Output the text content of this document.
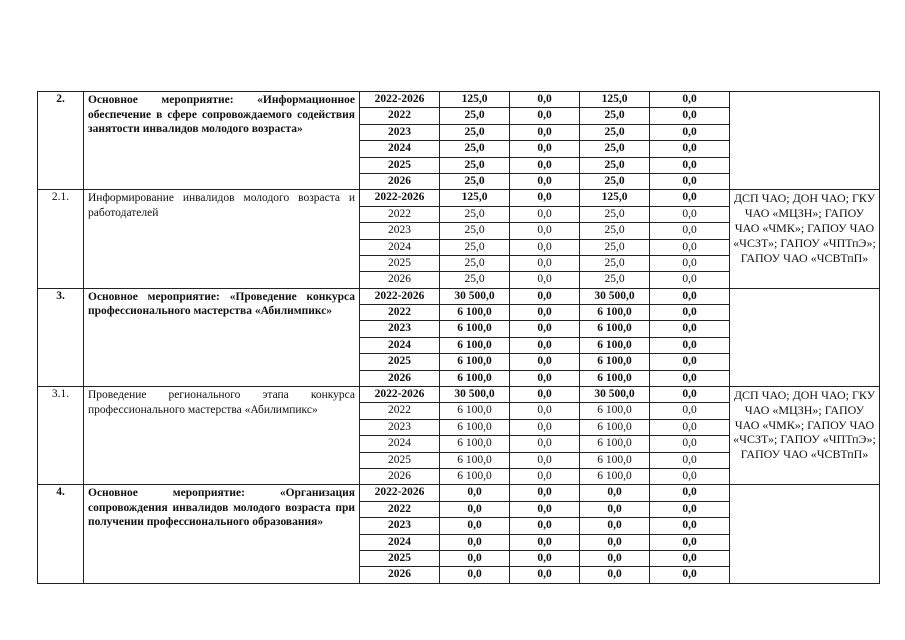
2.	Основное мероприятие: «Информационное обеспечение в сфере сопровождаемого содействия занятости инвалидов молодого возраста»	2022-2026	125,0	0,0	125,0	0,0	
		2022	25,0	0,0	25,0	0,0	
		2023	25,0	0,0	25,0	0,0	
		2024	25,0	0,0	25,0	0,0	
		2025	25,0	0,0	25,0	0,0	
		2026	25,0	0,0	25,0	0,0	
2.1.	Информирование инвалидов молодого возраста и работодателей	2022-2026	125,0	0,0	125,0	0,0	ДСП ЧАО; ДОН ЧАО; ГКУ ЧАО «МЦЗН»; ГАПОУ ЧАО «ЧМК»; ГАПОУ ЧАО «ЧСЗТ»; ГАПОУ «ЧПТпЭ»; ГАПОУ ЧАО «ЧСВТпП»
		2022	25,0	0,0	25,0	0,0	
		2023	25,0	0,0	25,0	0,0	
		2024	25,0	0,0	25,0	0,0	
		2025	25,0	0,0	25,0	0,0	
		2026	25,0	0,0	25,0	0,0	
3.	Основное мероприятие: «Проведение конкурса профессионального мастерства «Абилимпикс»	2022-2026	30 500,0	0,0	30 500,0	0,0	
		2022	6 100,0	0,0	6 100,0	0,0	
		2023	6 100,0	0,0	6 100,0	0,0	
		2024	6 100,0	0,0	6 100,0	0,0	
		2025	6 100,0	0,0	6 100,0	0,0	
		2026	6 100,0	0,0	6 100,0	0,0	
3.1.	Проведение регионального этапа конкурса профессионального мастерства «Абилимпикс»	2022-2026	30 500,0	0,0	30 500,0	0,0	ДСП ЧАО; ДОН ЧАО; ГКУ ЧАО «МЦЗН»; ГАПОУ ЧАО «ЧМК»; ГАПОУ ЧАО «ЧСЗТ»; ГАПОУ «ЧПТпЭ»; ГАПОУ ЧАО «ЧСВТпП»
		2022	6 100,0	0,0	6 100,0	0,0	
		2023	6 100,0	0,0	6 100,0	0,0	
		2024	6 100,0	0,0	6 100,0	0,0	
		2025	6 100,0	0,0	6 100,0	0,0	
		2026	6 100,0	0,0	6 100,0	0,0	
4.	Основное мероприятие: «Организация сопровождения инвалидов молодого возраста при получении профессионального образования»	2022-2026	0,0	0,0	0,0	0,0	
		2022	0,0	0,0	0,0	0,0	
		2023	0,0	0,0	0,0	0,0	
		2024	0,0	0,0	0,0	0,0	
		2025	0,0	0,0	0,0	0,0	
		2026	0,0	0,0	0,0	0,0	
